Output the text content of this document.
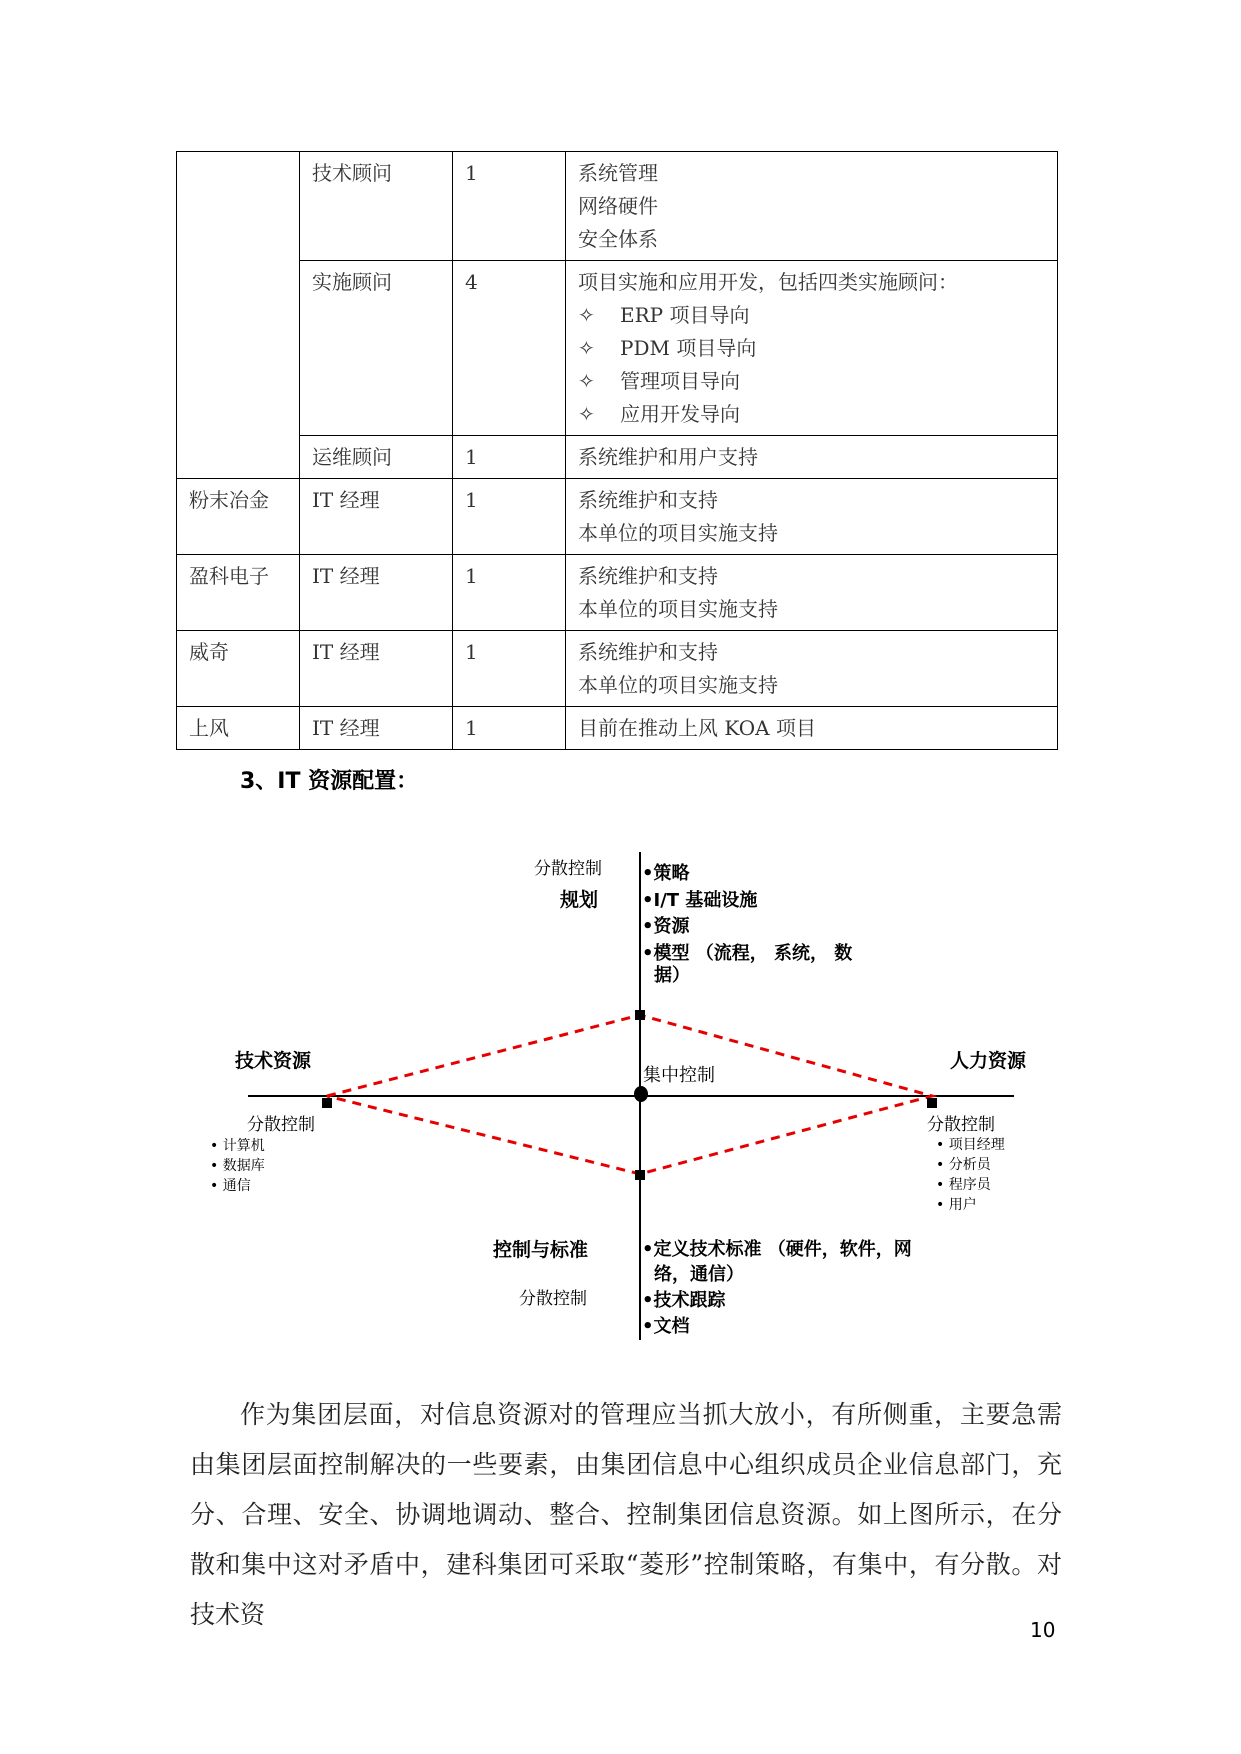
	技术顾问	1	系统管理
网络硬件
安全体系

	实施顾问	4	项目实施和应用开发，包括四类实施顾问：
✧ ERP 项目导向
✧ PDM 项目导向
✧ 管理项目导向
✧ 应用开发导向

	运维顾问	1	系统维护和用户支持

粉末冶金	IT 经理	1	系统维护和支持
本单位的项目实施支持

盈科电子	IT 经理	1	系统维护和支持
本单位的项目实施支持

威奇	IT 经理	1	系统维护和支持
本单位的项目实施支持

上风	IT 经理	1	目前在推动上风 KOA 项目
3、IT 资源配置：
分散控制
规划
•策略
•I/T 基础设施
•资源
•模型 （流程， 系统， 数
据）
技术资源
分散控制
• 计算机
• 数据库
• 通信
集中控制
人力资源
分散控制
• 项目经理
• 分析员
• 程序员
• 用户
控制与标准
分散控制
•定义技术标准 （硬件，软件，网
络，通信）
•技术跟踪
•文档
作为集团层面，对信息资源对的管理应当抓大放小，有所侧重，主要急需由集团层面控制解决的一些要素，由集团信息中心组织成员企业信息部门，充分、合理、安全、协调地调动、整合、控制集团信息资源。如上图所示，在分散和集中这对矛盾中，建科集团可采取“菱形”控制策略，有集中，有分散。对技术资
10
